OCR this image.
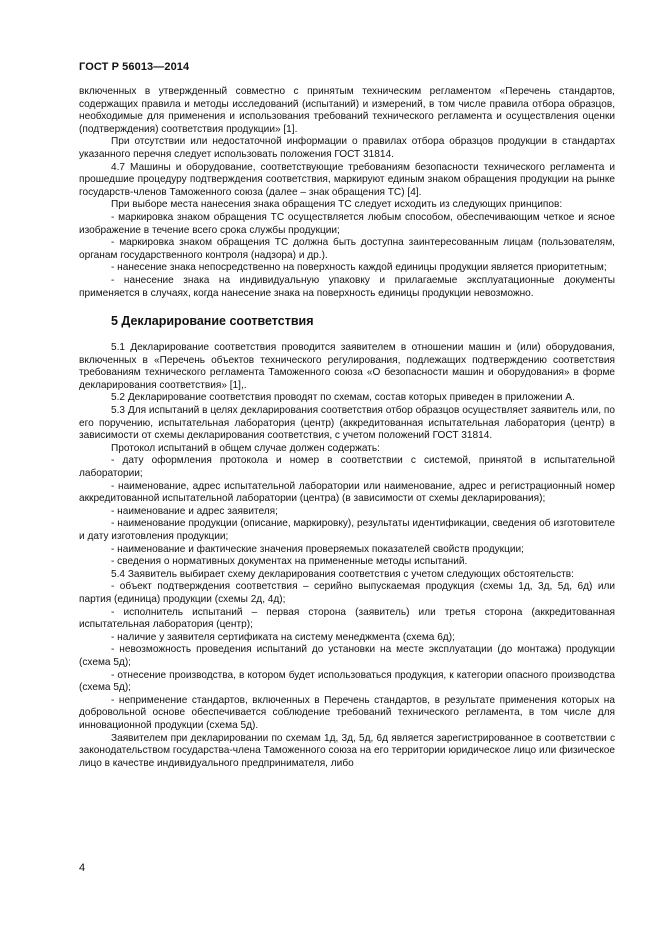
ГОСТ Р 56013—2014

включенных в утвержденный совместно с принятым техническим регламентом «Перечень стандартов, содержащих правила и методы исследований (испытаний) и измерений, в том числе правила отбора образцов, необходимые для применения и использования требований технического регламента и осуществления оценки (подтверждения) соответствия продукции» [1].

При отсутствии или недостаточной информации о правилах отбора образцов продукции в стандартах указанного перечня следует использовать положения ГОСТ 31814.

4.7 Машины и оборудование, соответствующие требованиям безопасности технического регламента и прошедшие процедуру подтверждения соответствия, маркируют единым знаком обращения продукции на рынке государств-членов Таможенного союза (далее – знак обращения ТС) [4].

При выборе места нанесения знака обращения ТС следует исходить из следующих принципов:

- маркировка знаком обращения ТС осуществляется любым способом, обеспечивающим четкое и ясное изображение в течение всего срока службы продукции;

- маркировка знаком обращения ТС должна быть доступна заинтересованным лицам (пользователям, органам государственного контроля (надзора) и др.).

- нанесение знака непосредственно на поверхность каждой единицы продукции является приоритетным;

- нанесение знака на индивидуальную упаковку и прилагаемые эксплуатационные документы применяется в случаях, когда нанесение знака на поверхность единицы продукции невозможно.

5 Декларирование соответствия

5.1 Декларирование соответствия проводится заявителем в отношении машин и (или) оборудования, включенных в «Перечень объектов технического регулирования, подлежащих подтверждению соответствия требованиям технического регламента Таможенного союза «О безопасности машин и оборудования» в форме декларирования соответствия» [1],.

5.2 Декларирование соответствия проводят по схемам, состав которых приведен в приложении А.

5.3 Для испытаний в целях декларирования соответствия отбор образцов осуществляет заявитель или, по его поручению, испытательная лаборатория (центр) (аккредитованная испытательная лаборатория (центр) в зависимости от схемы декларирования соответствия, с учетом положений ГОСТ 31814.

Протокол испытаний в общем случае должен содержать:

- дату оформления протокола и номер в соответствии с системой, принятой в испытательной лаборатории;

- наименование, адрес испытательной лаборатории или наименование, адрес и регистрационный номер аккредитованной испытательной лаборатории (центра) (в зависимости от схемы декларирования);

- наименование и адрес заявителя;

- наименование продукции (описание, маркировку), результаты идентификации, сведения об изготовителе и дату изготовления продукции;

- наименование и фактические значения проверяемых показателей свойств продукции;

- сведения о нормативных документах на примененные методы испытаний.

5.4 Заявитель выбирает схему декларирования соответствия с учетом следующих обстоятельств:

- объект подтверждения соответствия – серийно выпускаемая продукция (схемы 1д, 3д, 5д, 6д) или партия (единица) продукции (схемы 2д, 4д);

- исполнитель испытаний – первая сторона (заявитель) или третья сторона (аккредитованная испытательная лаборатория (центр);

- наличие у заявителя сертификата на систему менеджмента (схема 6д);

- невозможность проведения испытаний до установки на месте эксплуатации (до монтажа) продукции (схема 5д);

- отнесение производства, в котором будет использоваться продукция, к категории опасного производства (схема 5д);

- неприменение стандартов, включенных в Перечень стандартов, в результате применения которых на добровольной основе обеспечивается соблюдение требований технического регламента, в том числе для инновационной продукции (схема 5д).

Заявителем при декларировании по схемам 1д, 3д, 5д, 6д является зарегистрированное в соответствии с законодательством государства-члена Таможенного союза на его территории юридическое лицо или физическое лицо в качестве индивидуального предпринимателя, либо

4
